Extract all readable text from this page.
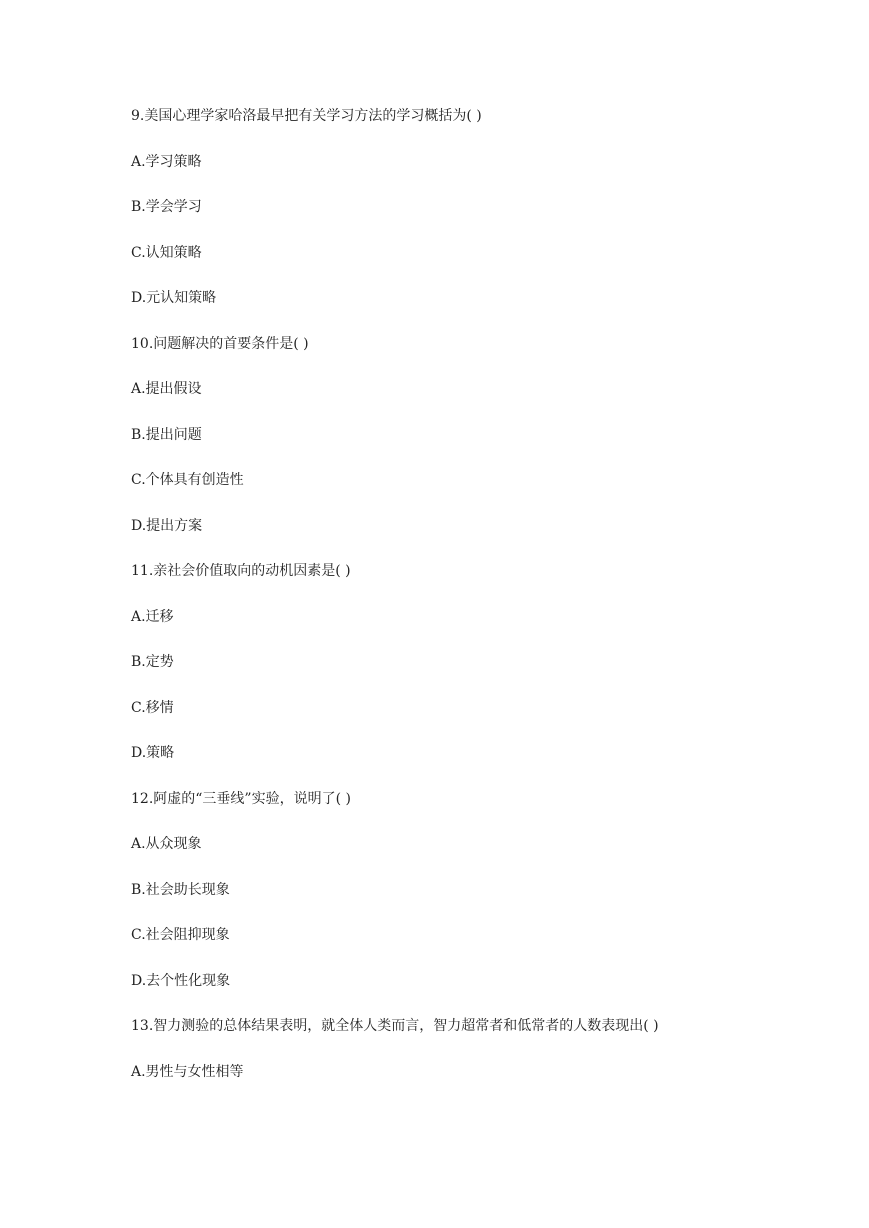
9.美国心理学家哈洛最早把有关学习方法的学习概括为( )
A.学习策略
B.学会学习
C.认知策略
D.元认知策略
10.问题解决的首要条件是( )
A.提出假设
B.提出问题
C.个体具有创造性
D.提出方案
11.亲社会价值取向的动机因素是( )
A.迁移
B.定势
C.移情
D.策略
12.阿虚的“三垂线”实验，说明了( )
A.从众现象
B.社会助长现象
C.社会阻抑现象
D.去个性化现象
13.智力测验的总体结果表明，就全体人类而言，智力超常者和低常者的人数表现出( )
A.男性与女性相等
